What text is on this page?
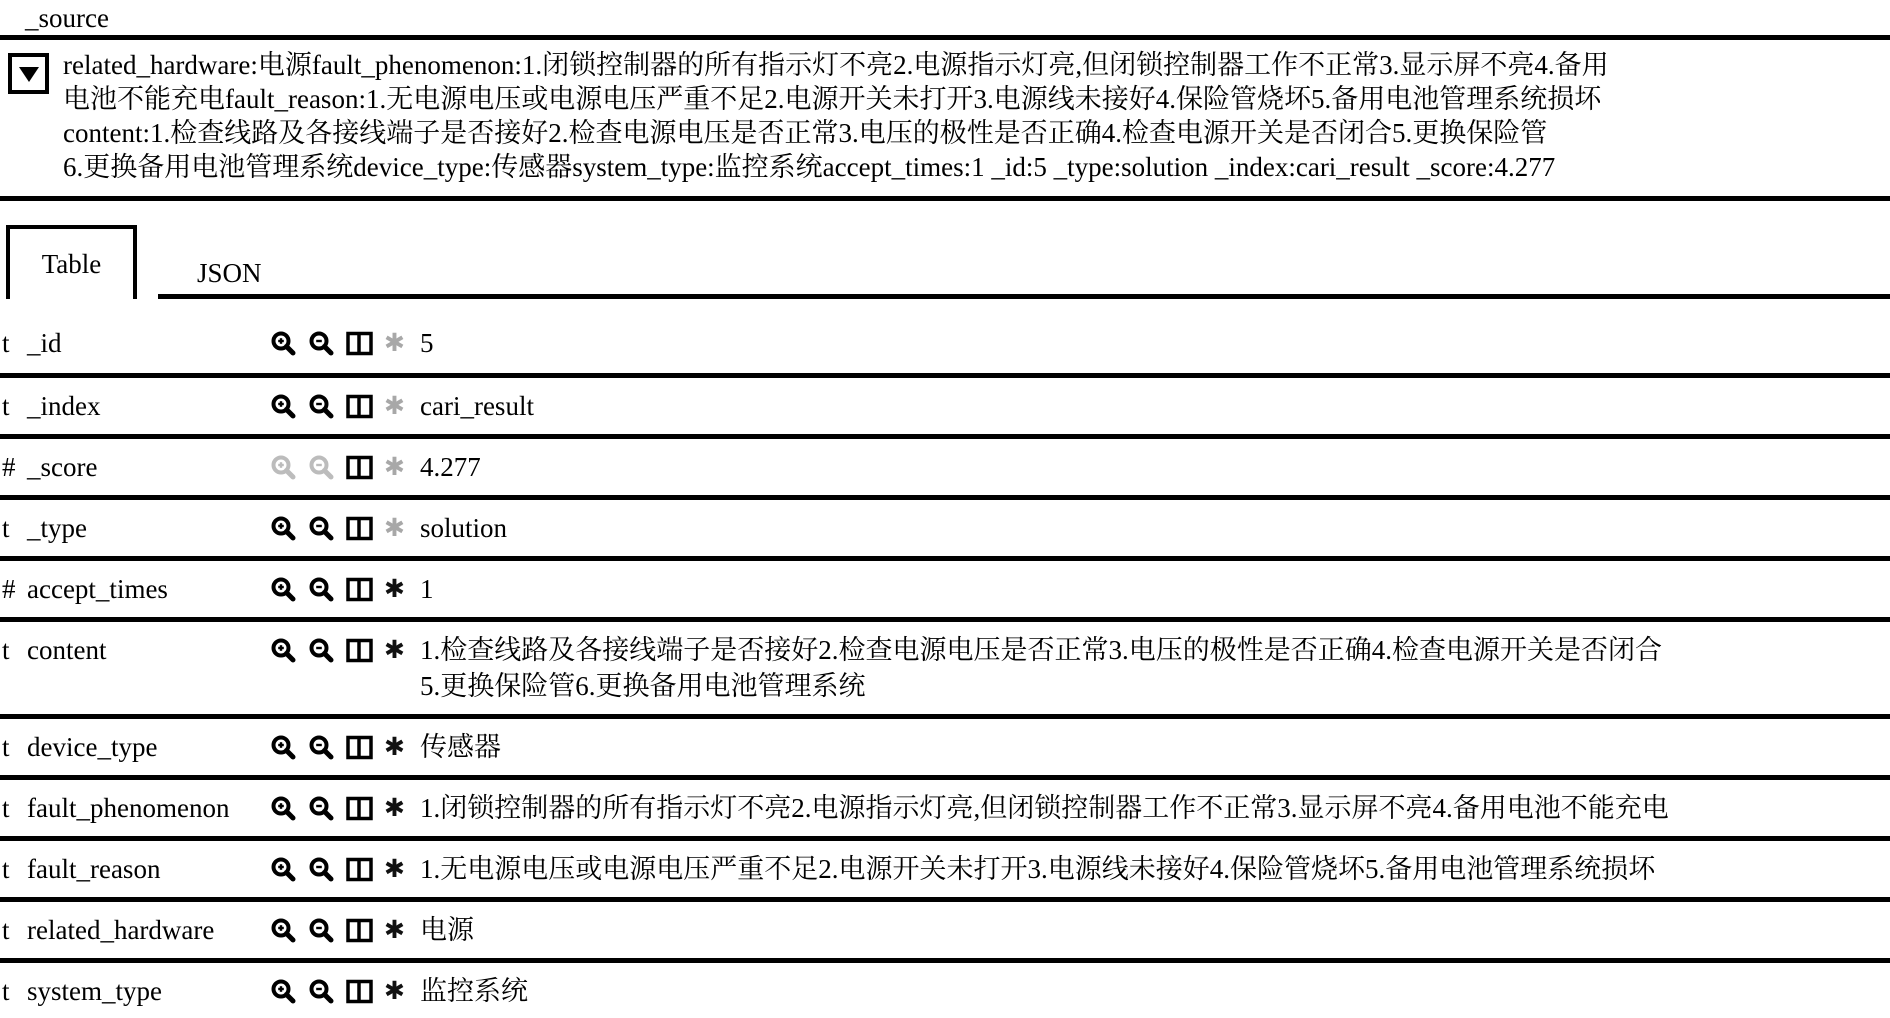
_source
related_hardware:电源fault_phenomenon:1.闭锁控制器的所有指示灯不亮2.电源指示灯亮,但闭锁控制器工作不正常3.显示屏不亮4.备用
电池不能充电fault_reason:1.无电源电压或电源电压严重不足2.电源开关未打开3.电源线未接好4.保险管烧坏5.备用电池管理系统损坏
content:1.检查线路及各接线端子是否接好2.检查电源电压是否正常3.电压的极性是否正确4.检查电源开关是否闭合5.更换保险管
6.更换备用电池管理系统device_type:传感器system_type:监控系统accept_times:1 _id:5 _type:solution _index:cari_result _score:4.277
Table	JSON
t _id	✱ 5
t _index	✱ cari_result
# _score	✱ 4.277
t _type	✱ solution
# accept_times	✱ 1
t content	✱ 1.检查线路及各接线端子是否接好2.检查电源电压是否正常3.电压的极性是否正确4.检查电源开关是否闭合
5.更换保险管6.更换备用电池管理系统
t device_type	✱ 传感器
t fault_phenomenon	✱ 1.闭锁控制器的所有指示灯不亮2.电源指示灯亮,但闭锁控制器工作不正常3.显示屏不亮4.备用电池不能充电
t fault_reason	✱ 1.无电源电压或电源电压严重不足2.电源开关未打开3.电源线未接好4.保险管烧坏5.备用电池管理系统损坏
t related_hardware	✱ 电源
t system_type	✱ 监控系统
